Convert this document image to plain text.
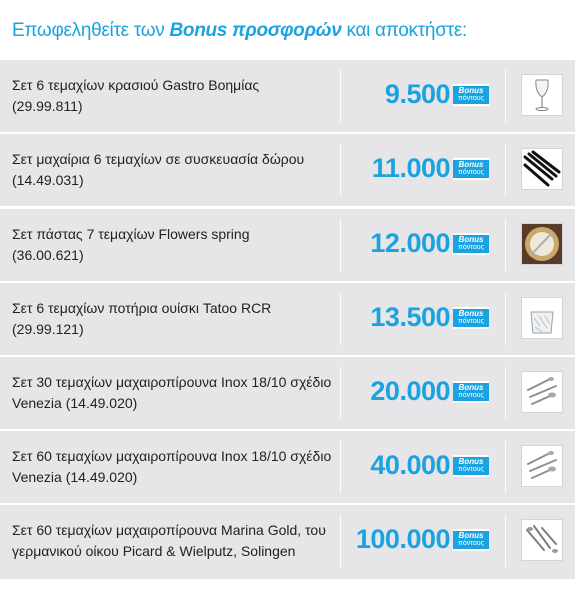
Επωφεληθείτε των Bonus προσφορών και αποκτήστε:
Σετ 6 τεμαχίων κρασιού Gastro Βοημίας
(29.99.811)	9.500	Bonus
πόντους
Σετ μαχαίρια 6 τεμαχίων σε συσκευασία δώρου
(14.49.031)	11.000	Bonus
πόντους
Σετ πάστας 7 τεμαχίων Flowers spring
(36.00.621)	12.000	Bonus
πόντους
Σετ 6 τεμαχίων ποτήρια ουίσκι Tatoo RCR
(29.99.121)	13.500	Bonus
πόντους
Σετ 30 τεμαχίων μαχαιροπίρουνα Inox 18/10 σχέδιο
Venezia (14.49.020)	20.000	Bonus
πόντους
Σετ 60 τεμαχίων μαχαιροπίρουνα Inox 18/10 σχέδιο
Venezia (14.49.020)	40.000	Bonus
πόντους
Σετ 60 τεμαχίων μαχαιροπίρουνα Marina Gold, του
γερμανικού οίκου Picard & Wielputz, Solingen	100.000	Bonus
πόντους
